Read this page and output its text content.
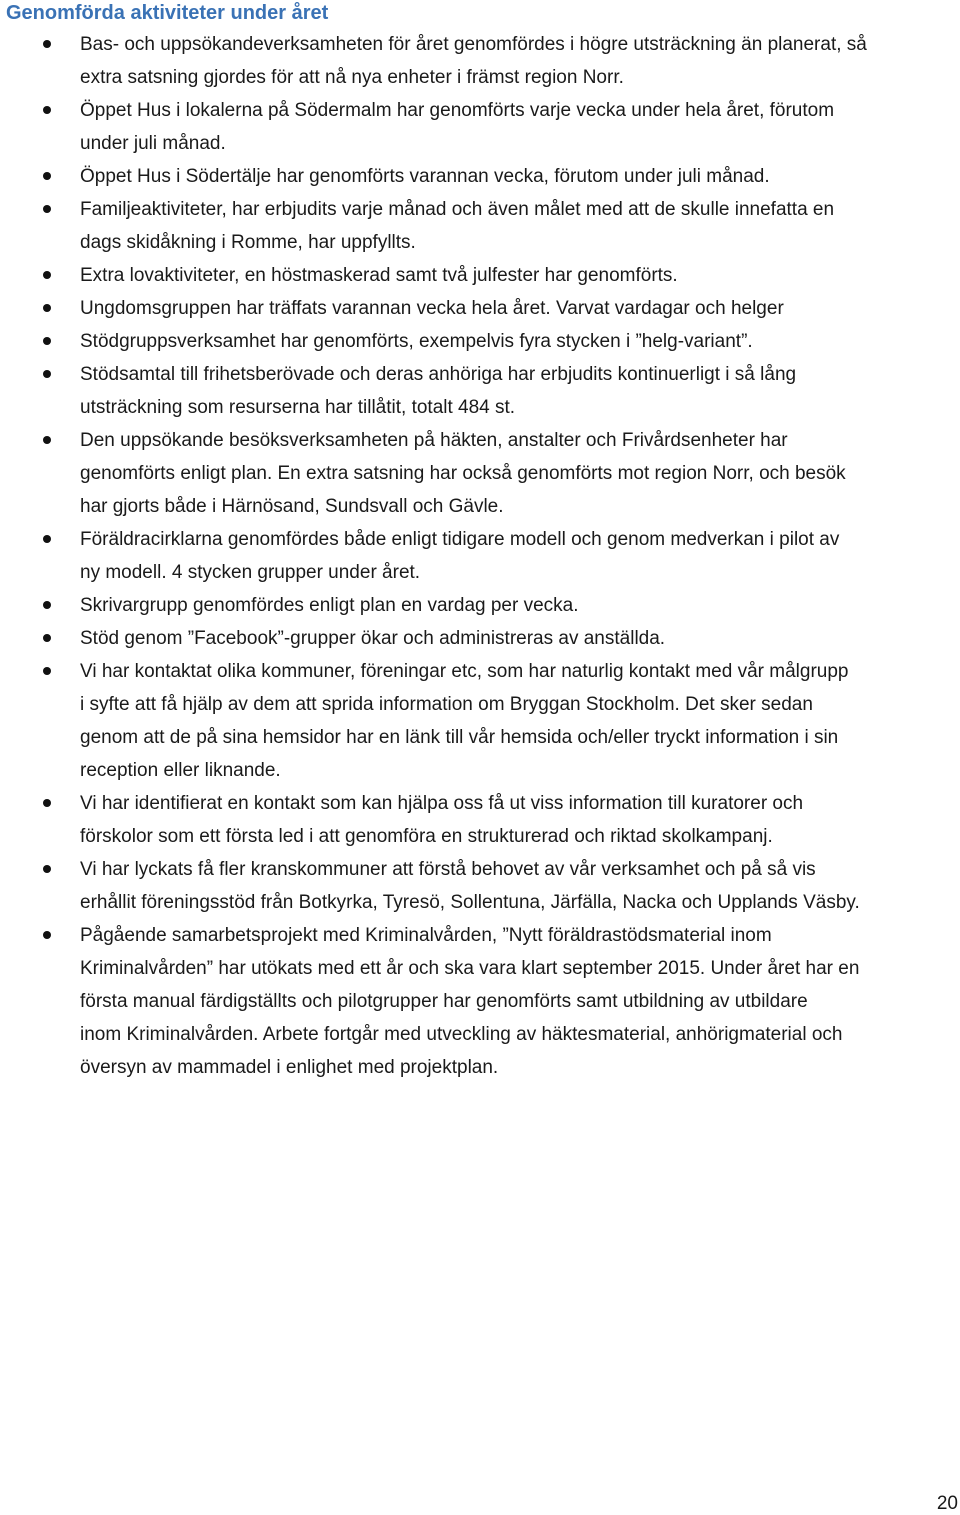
Genomförda aktiviteter under året
Bas- och uppsökandeverksamheten för året genomfördes i högre utsträckning än planerat, så
extra satsning gjordes för att nå nya enheter i främst region Norr.
Öppet Hus i lokalerna på Södermalm har genomförts varje vecka under hela året, förutom
under juli månad.
Öppet Hus i Södertälje har genomförts varannan vecka, förutom under juli månad.
Familjeaktiviteter, har erbjudits varje månad och även målet med att de skulle innefatta en
dags skidåkning i Romme, har uppfyllts.
Extra lovaktiviteter, en höstmaskerad samt två julfester har genomförts.
Ungdomsgruppen har träffats varannan vecka hela året. Varvat vardagar och helger
Stödgruppsverksamhet har genomförts, exempelvis fyra stycken i ”helg-variant”.
Stödsamtal till frihetsberövade och deras anhöriga har erbjudits kontinuerligt i så lång
utsträckning som resurserna har tillåtit, totalt 484 st.
Den uppsökande besöksverksamheten på häkten, anstalter och Frivårdsenheter har
genomförts enligt plan. En extra satsning har också genomförts mot region Norr, och besök
har gjorts både i Härnösand, Sundsvall och Gävle.
Föräldracirklarna genomfördes både enligt tidigare modell och genom medverkan i pilot av
ny modell. 4 stycken grupper under året.
Skrivargrupp genomfördes enligt plan en vardag per vecka.
Stöd genom ”Facebook”-grupper ökar och administreras av anställda.
Vi har kontaktat olika kommuner, föreningar etc, som har naturlig kontakt med vår målgrupp
i syfte att få hjälp av dem att sprida information om Bryggan Stockholm. Det sker sedan
genom att de på sina hemsidor har en länk till vår hemsida och/eller tryckt information i sin
reception eller liknande.
Vi har identifierat en kontakt som kan hjälpa oss få ut viss information till kuratorer och
förskolor som ett första led i att genomföra en strukturerad och riktad skolkampanj.
Vi har lyckats få fler kranskommuner att förstå behovet av vår verksamhet och på så vis
erhållit föreningsstöd från Botkyrka, Tyresö, Sollentuna, Järfälla, Nacka och Upplands Väsby.
Pågående samarbetsprojekt med Kriminalvården, ”Nytt föräldrastödsmaterial inom
Kriminalvården” har utökats med ett år och ska vara klart september 2015. Under året har en
första manual färdigställts och pilotgrupper har genomförts samt utbildning av utbildare
inom Kriminalvården. Arbete fortgår med utveckling av häktesmaterial, anhörigmaterial och
översyn av mammadel i enlighet med projektplan.
20
